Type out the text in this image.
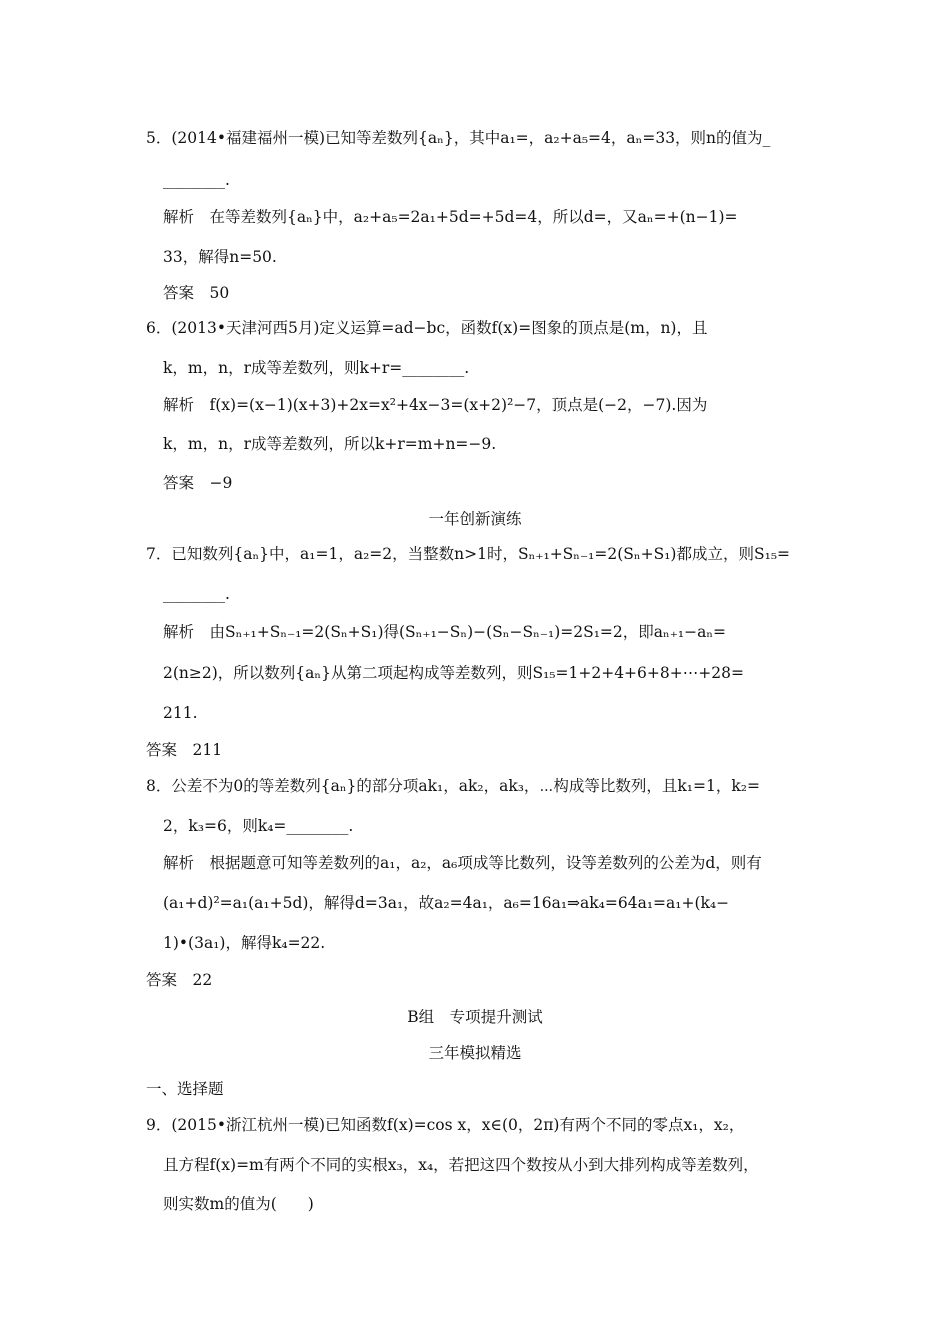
5．(2014•福建福州一模)已知等差数列{aₙ}，其中a₁=，a₂+a₅=4，aₙ=33，则n的值为_
________.
解析　在等差数列{aₙ}中，a₂+a₅=2a₁+5d=+5d=4，所以d=，又aₙ=+(n−1)=
33，解得n=50.
答案　50
6．(2013•天津河西5月)定义运算=ad−bc，函数f(x)=图象的顶点是(m，n)，且
k，m，n，r成等差数列，则k+r=________.
解析　f(x)=(x−1)(x+3)+2x=x²+4x−3=(x+2)²−7，顶点是(−2，−7).因为
k，m，n，r成等差数列，所以k+r=m+n=−9.
答案　−9
一年创新演练
7．已知数列{aₙ}中，a₁=1，a₂=2，当整数n>1时，Sₙ₊₁+Sₙ₋₁=2(Sₙ+S₁)都成立，则S₁₅=
________.
解析　由Sₙ₊₁+Sₙ₋₁=2(Sₙ+S₁)得(Sₙ₊₁−Sₙ)−(Sₙ−Sₙ₋₁)=2S₁=2，即aₙ₊₁−aₙ=
2(n≥2)，所以数列{aₙ}从第二项起构成等差数列，则S₁₅=1+2+4+6+8+⋯+28=
211.
答案　211
8．公差不为0的等差数列{aₙ}的部分项ak₁，ak₂，ak₃，⋯构成等比数列，且k₁=1，k₂=
2，k₃=6，则k₄=________.
解析　根据题意可知等差数列的a₁，a₂，a₆项成等比数列，设等差数列的公差为d，则有
(a₁+d)²=a₁(a₁+5d)，解得d=3a₁，故a₂=4a₁，a₆=16a₁⇒ak₄=64a₁=a₁+(k₄−
1)•(3a₁)，解得k₄=22.
答案　22
B组　专项提升测试
三年模拟精选
一、选择题
9．(2015•浙江杭州一模)已知函数f(x)=cos x，x∈(0，2π)有两个不同的零点x₁，x₂，
且方程f(x)=m有两个不同的实根x₃，x₄，若把这四个数按从小到大排列构成等差数列，
则实数m的值为(　　)
